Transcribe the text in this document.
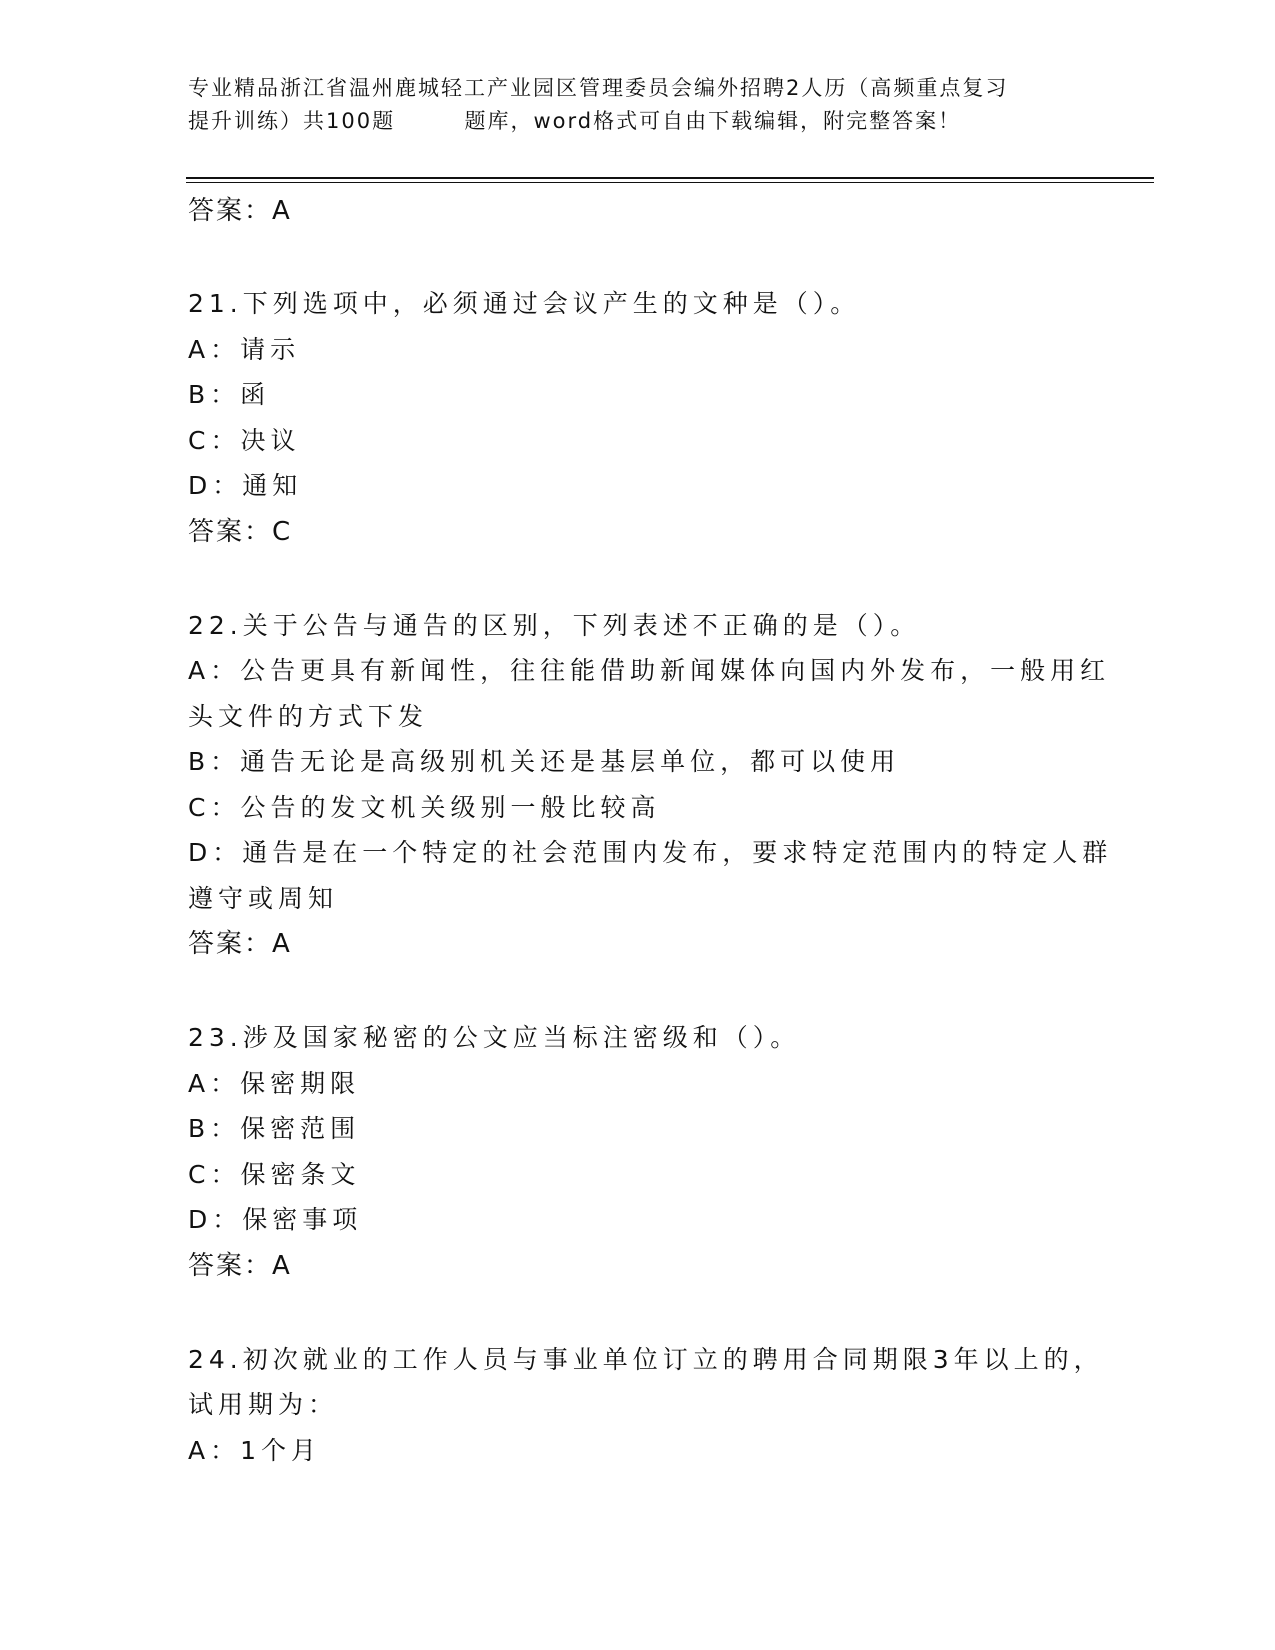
专业精品浙江省温州鹿城轻工产业园区管理委员会编外招聘2人历（高频重点复习
提升训练）共100题        题库，word格式可自由下载编辑，附完整答案！
答案：A
21.下列选项中，必须通过会议产生的文种是（）。
A：请示
B：函
C：决议
D：通知
答案：C
22.关于公告与通告的区别，下列表述不正确的是（）。
A：公告更具有新闻性，往往能借助新闻媒体向国内外发布，一般用红
头文件的方式下发
B：通告无论是高级别机关还是基层单位，都可以使用
C：公告的发文机关级别一般比较高
D：通告是在一个特定的社会范围内发布，要求特定范围内的特定人群
遵守或周知
答案：A
23.涉及国家秘密的公文应当标注密级和（）。
A：保密期限
B：保密范围
C：保密条文
D：保密事项
答案：A
24.初次就业的工作人员与事业单位订立的聘用合同期限3年以上的，
试用期为：
A：1个月
